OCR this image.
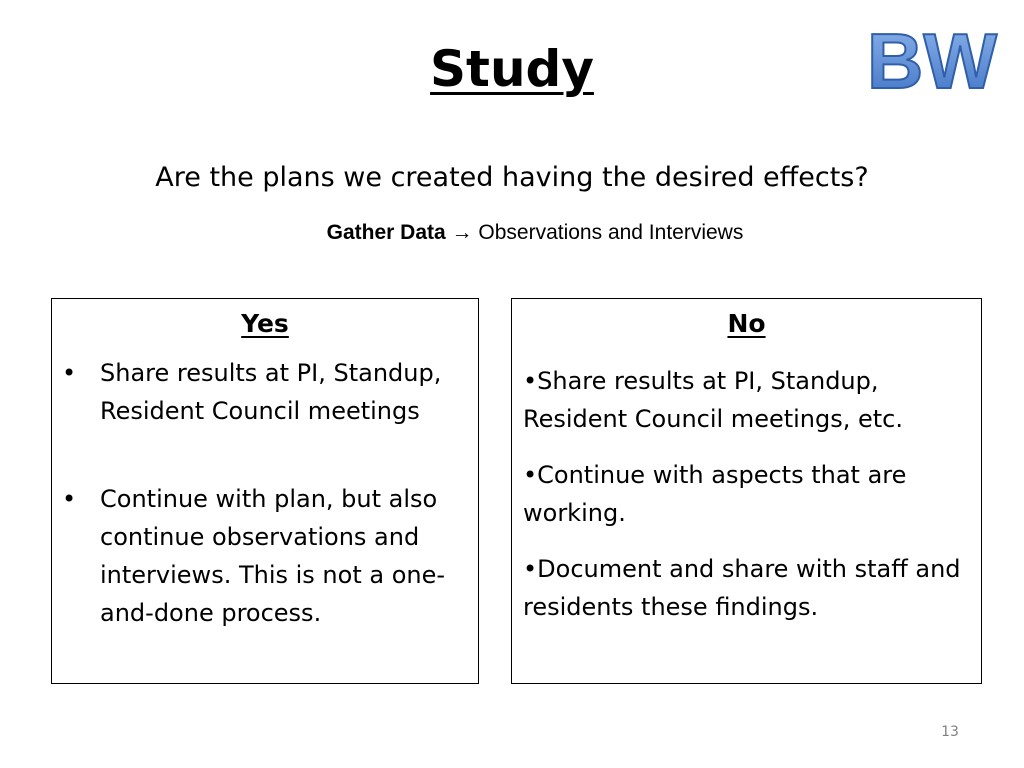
Study	BW
Are the plans we created having the desired effects?
Gather Data → Observations and Interviews
Yes
• Share results at PI, Standup, Resident Council meetings
• Continue with plan, but also continue observations and interviews. This is not a one-and-done process.
No

•Share results at PI, Standup, Resident Council meetings, etc.

•Continue with aspects that are working.

•Document and share with staff and residents these findings.

13
